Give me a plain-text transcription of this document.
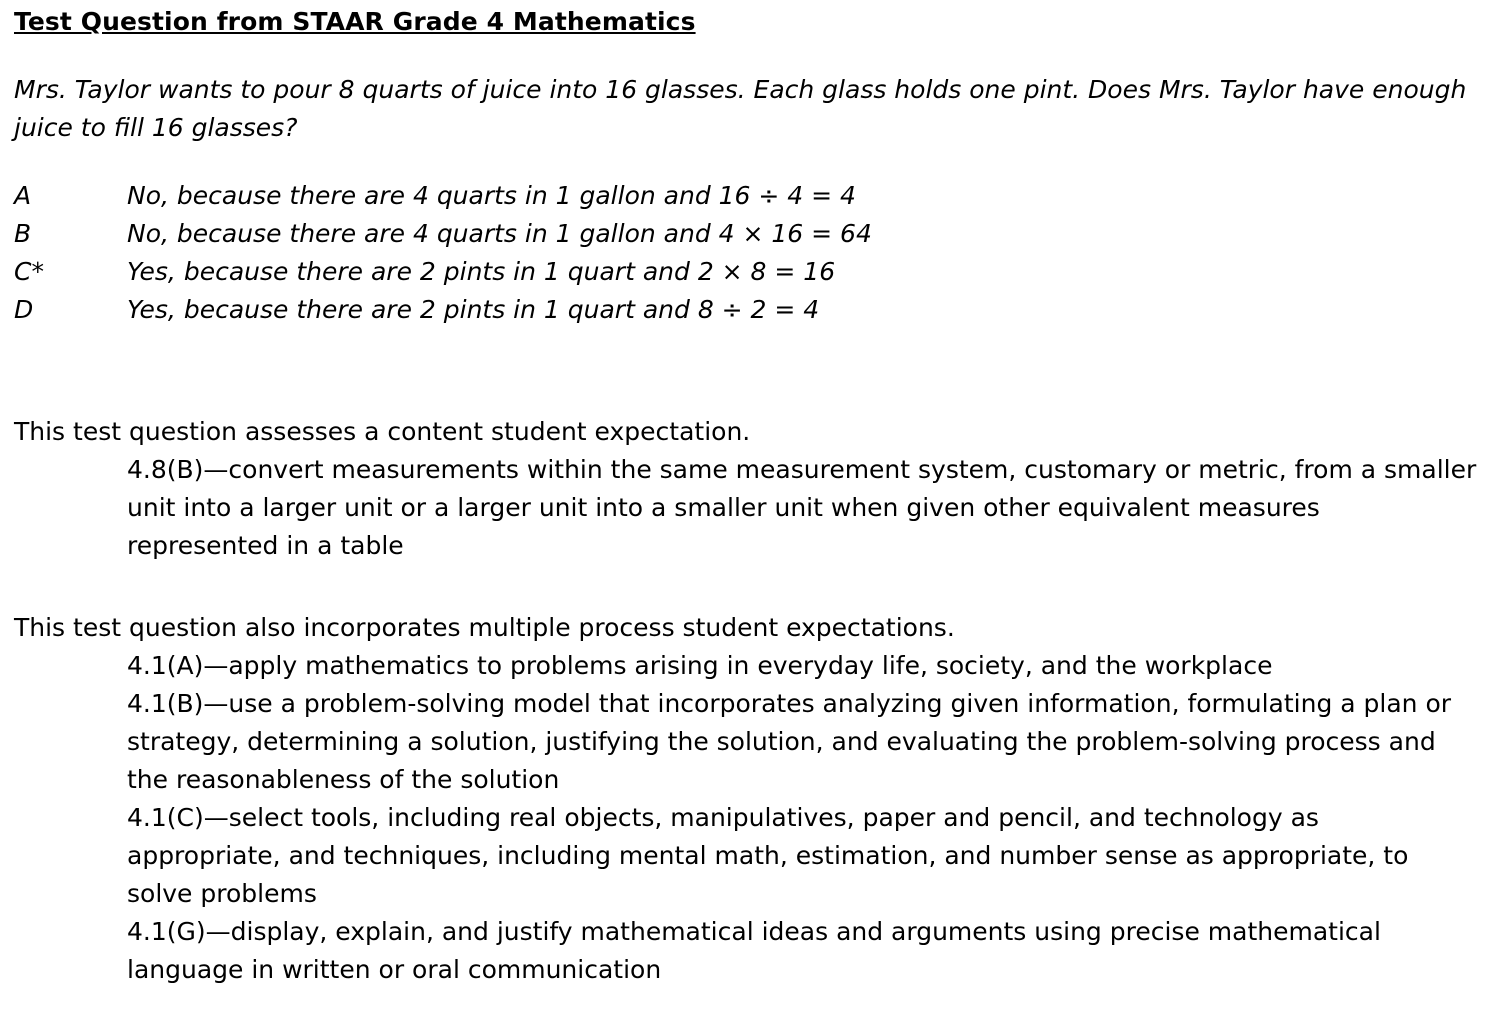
Test Question from STAAR Grade 4 Mathematics
Mrs. Taylor wants to pour 8 quarts of juice into 16 glasses. Each glass holds one pint. Does Mrs. Taylor have enough juice to fill 16 glasses?
A	No, because there are 4 quarts in 1 gallon and 16 ÷ 4 = 4
B	No, because there are 4 quarts in 1 gallon and 4 × 16 = 64
C*	Yes, because there are 2 pints in 1 quart and 2 × 8 = 16
D	Yes, because there are 2 pints in 1 quart and 8 ÷ 2 = 4

This test question assesses a content student expectation.

4.8(B)—convert measurements within the same measurement system, customary or metric, from a smaller unit into a larger unit or a larger unit into a smaller unit when given other equivalent measures represented in a table

This test question also incorporates multiple process student expectations.

4.1(A)—apply mathematics to problems arising in everyday life, society, and the workplace
4.1(B)—use a problem-solving model that incorporates analyzing given information, formulating a plan or strategy, determining a solution, justifying the solution, and evaluating the problem-solving process and the reasonableness of the solution
4.1(C)—select tools, including real objects, manipulatives, paper and pencil, and technology as appropriate, and techniques, including mental math, estimation, and number sense as appropriate, to solve problems
4.1(G)—display, explain, and justify mathematical ideas and arguments using precise mathematical language in written or oral communication
